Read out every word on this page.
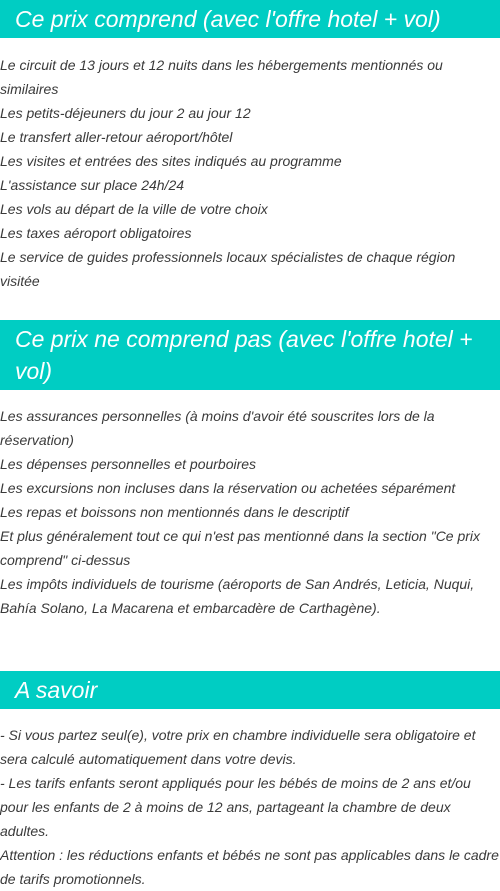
Ce prix comprend (avec l'offre hotel + vol)
Le circuit de 13 jours et 12 nuits dans les hébergements mentionnés ou similaires
Les petits-déjeuners du jour 2 au jour 12
Le transfert aller-retour aéroport/hôtel
Les visites et entrées des sites indiqués au programme
L'assistance sur place 24h/24
Les vols au départ de la ville de votre choix
Les taxes aéroport obligatoires
Le service de guides professionnels locaux spécialistes de chaque région visitée
Ce prix ne comprend pas (avec l'offre hotel + vol)
Les assurances personnelles (à moins d'avoir été souscrites lors de la réservation)
Les dépenses personnelles et pourboires
Les excursions non incluses dans la réservation ou achetées séparément
Les repas et boissons non mentionnés dans le descriptif
Et plus généralement tout ce qui n'est pas mentionné dans la section "Ce prix comprend" ci-dessus
Les impôts individuels de tourisme (aéroports de San Andrés, Leticia, Nuqui, Bahía Solano, La Macarena et embarcadère de Carthagène).
A savoir
- Si vous partez seul(e), votre prix en chambre individuelle sera obligatoire et sera calculé automatiquement dans votre devis.
- Les tarifs enfants seront appliqués pour les bébés de moins de 2 ans et/ou pour les enfants de 2 à moins de 12 ans, partageant la chambre de deux adultes.
Attention : les réductions enfants et bébés ne sont pas applicables dans le cadre de tarifs promotionnels.
